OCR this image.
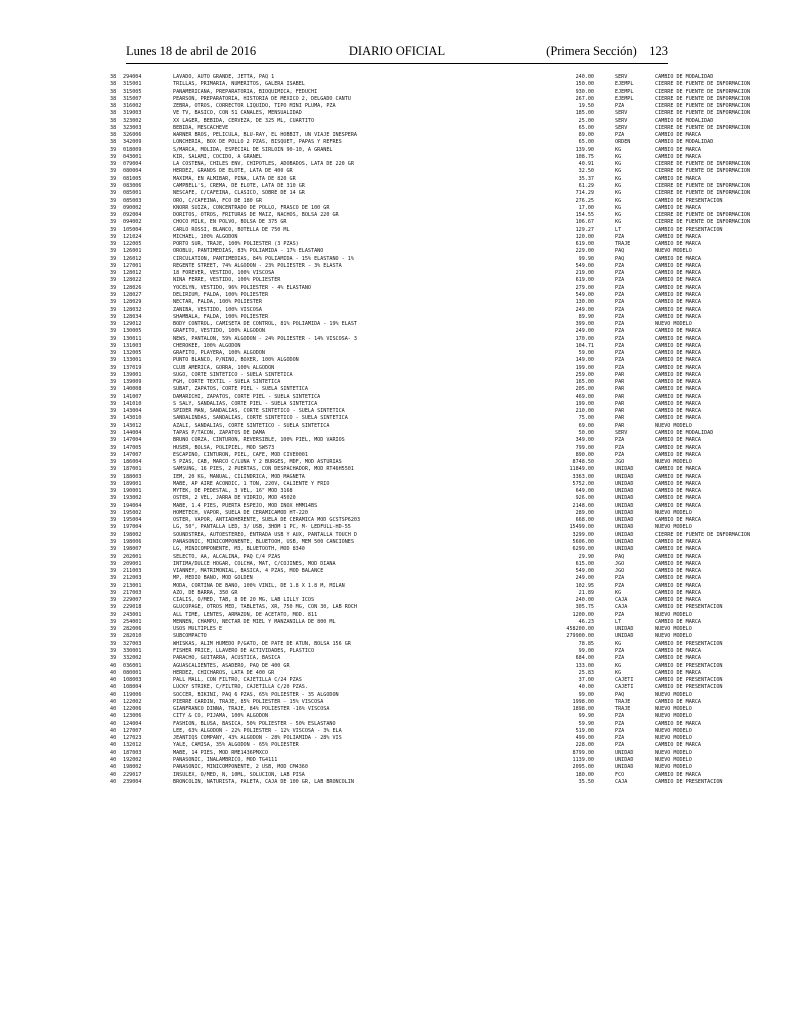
Lunes 18 de abril de 2016	DIARIO OFICIAL	(Primera Sección) 123
38	294004	LAVADO, AUTO GRANDE, JETTA, PAQ 1	240.00	SERV	CAMBIO DE MODALIDAD
38	315001	TRILLAS, PRIMARIA, NUMERITOS, GALERA ISABEL	150.00	EJEMPL	CIERRE DE FUENTE DE INFORMACION
38	315005	PANAMERICANA, PREPARATORIA, BIOQUIMICA, FEDUCHI	930.00	EJEMPL	CIERRE DE FUENTE DE INFORMACION
38	315007	PEARSON, PREPARATORIA, HISTORIA DE MEXICO 2, DELGADO CANTU	267.00	EJEMPL	CIERRE DE FUENTE DE INFORMACION
38	316002	ZEBRA, OTROS, CORRECTOR LIQUIDO, TIPO MINI PLUMA, PZA	19.50	PZA	CIERRE DE FUENTE DE INFORMACION
38	319003	VE TV, BASICO, CON 51 CANALES, MENSUALIDAD	185.00	SERV	CIERRE DE FUENTE DE INFORMACION
38	323002	XX LAGER, BEBIDA, CERVEZA, DE 325 ML, CUARTITO	25.00	SERV	CAMBIO DE MODALIDAD
38	323003	BEBIDA, MESCACHEVE	65.00	SERV	CIERRE DE FUENTE DE INFORMACION
38	326006	WARNER BROS, PELICULA, BLU-RAY, EL HOBBIT, UN VIAJE INESPERA	89.00	PZA	CAMBIO DE MARCA
38	342009	LONCHERIA, BOX DE POLLO 2 PZAS, BISQUET, PAPAS Y REFRES	65.00	ORDEN	CAMBIO DE MODALIDAD
39	018009	S/MARCA, MOLIDA, ESPECIAL DE SIRLOIN 90-10, A GRANEL	139.90	KG	CAMBIO DE MARCA
39	043001	KIR, SALAMI, COCIDO, A GRANEL	108.75	KG	CAMBIO DE MARCA
39	079004	LA COSTEÑA, CHILES ENV, CHIPOTLES, ADOBADOS, LATA DE 220 GR	40.91	KG	CIERRE DE FUENTE DE INFORMACION
39	080004	HERDEZ, GRANOS DE ELOTE, LATA DE 400 GR	32.50	KG	CIERRE DE FUENTE DE INFORMACION
39	081005	MAXIMA, EN ALMIBAR, PIÑA, LATA DE 820 GR	35.37	KG	CAMBIO DE MARCA
39	083006	CAMPBELL'S, CREMA, DE ELOTE, LATA DE 310 GR	61.29	KG	CIERRE DE FUENTE DE INFORMACION
39	085001	NESCAFE, C/CAFEINA, CLASICO, SOBRE DE 14 GR	714.29	KG	CIERRE DE FUENTE DE INFORMACION
39	085003	ORO, C/CAFEINA, FCO DE 180 GR	276.25	KG	CAMBIO DE PRESENTACION
39	090002	KNORR SUIZA, CONCENTRADO DE POLLO, FRASCO DE 100 GR	17.00	KG	CAMBIO DE MARCA
39	092004	DORITOS, OTROS, FRITURAS DE MAIZ, NACHOS, BOLSA 220 GR	154.55	KG	CIERRE DE FUENTE DE INFORMACION
39	094002	CHOCO MILK, EN POLVO, BOLSA DE 375 GR	106.67	KG	CIERRE DE FUENTE DE INFORMACION
39	105004	CARLO ROSSI, BLANCO, BOTELLA DE 750 ML	129.27	LT	CAMBIO DE PRESENTACION
39	121024	MICHAEL, 100% ALGODON	120.00	PZA	CAMBIO DE MARCA
39	122005	PORTO SUR, TRAJE, 100% POLIESTER (3 PZAS)	619.00	TRAJE	CAMBIO DE MARCA
39	126001	OROBLU, PANTIMEDIAS, 83% POLIAMIDA - 17% ELASTANO	229.00	PAQ	NUEVO MODELO
39	126012	CIRCULATION, PANTIMEDIAS, 84% POLIAMIDA - 15% ELASTANO - 1%	99.90	PAQ	CAMBIO DE MARCA
39	127001	REGENTE STREET, 74% ALGODON - 23% POLIESTER - 3% ELASTA	549.00	PZA	CAMBIO DE MARCA
39	128012	18 FOREVER, VESTIDO, 100% VISCOSA	219.00	PZA	CAMBIO DE MARCA
39	128022	NINA FERRE, VESTIDO, 100% POLIESTER	619.00	PZA	CAMBIO DE MARCA
39	128026	YOCELYN, VESTIDO, 96% POLIESTER - 4% ELASTANO	279.00	PZA	CAMBIO DE MARCA
39	128027	DELIRIUM, FALDA, 100% POLIESTER	549.00	PZA	CAMBIO DE MARCA
39	128029	NECTAR, FALDA, 100% POLIESTER	130.00	PZA	CAMBIO DE MARCA
39	128032	ZANIBA, VESTIDO, 100% VISCOSA	249.00	PZA	CAMBIO DE MARCA
39	128034	SHAMBALA, FALDA, 100% POLIESTER	89.90	PZA	CAMBIO DE MARCA
39	129012	BODY CONTROL, CAMISETA DE CONTROL, 81% POLIAMIDA - 19% ELAST	399.00	PZA	NUEVO MODELO
39	130005	GRAFITO, VESTIDO, 100% ALGODON	249.00	PZA	CAMBIO DE MARCA
39	130011	NEWS, PANTALON, 59% ALGODON - 24% POLIESTER - 14% VISCOSA- 3	170.00	PZA	CAMBIO DE MARCA
39	131003	CHEROKEE, 100% ALGODON	104.71	PZA	CAMBIO DE MARCA
39	132005	GRAFITO, PLAYERA, 100% ALGODON	59.00	PZA	CAMBIO DE MARCA
39	133001	PUNTO BLANCO, P/NIÑO, BOXER, 100% ALGODON	149.00	PZA	CAMBIO DE MARCA
39	137019	CLUB AMERICA, GORRA, 100% ALGODON	199.00	PZA	CAMBIO DE MARCA
39	139001	SUGO, CORTE SINTETICO - SUELA SINTETICA	259.00	PAR	CAMBIO DE MARCA
39	139009	FGH, CORTE TEXTIL - SUELA SINTETICA	165.00	PAR	CAMBIO DE MARCA
39	140008	SUBAT, ZAPATOS, CORTE PIEL - SUELA SINTETICA	205.00	PAR	CAMBIO DE MARCA
39	141007	DAMARICHI, ZAPATOS, CORTE PIEL - SUELA SINTETICA	469.00	PAR	CAMBIO DE MARCA
39	141010	S SALY, SANDALIAS, CORTE PIEL - SUELA SINTETICA	199.00	PAR	CAMBIO DE MARCA
39	143004	SPIDER MAN, SANDALIAS, CORTE SINTETICO - SUELA SINTETICA	210.00	PAR	CAMBIO DE MARCA
39	143010	SANDALINDAS, SANDALIAS, CORTE SINTETICO - SUELA SINTETICA	75.00	PAR	CAMBIO DE MARCA
39	143012	AZALI, SANDALIAS, CORTE SINTETICO - SUELA SINTETICA	69.00	PAR	NUEVO MODELO
39	144004	TAPAS P/TACON, ZAPATOS DE DAMA	50.00	SERV	CAMBIO DE MODALIDAD
39	147004	BRUNO CORZA, CINTURON, REVERSIBLE, 100% PIEL, MOD VARIOS	349.00	PZA	CAMBIO DE MARCA
39	147005	HUSER, BOLSA, POLIPIEL, MOD SW573	799.00	PZA	CAMBIO DE MARCA
39	147007	ESCAPINO, CINTURON, PIEL, CAFE, MOD CIVE0001	890.00	PZA	CAMBIO DE MARCA
39	186004	5 PZAS, CAB, MARCO C/LUNA Y 2 BURGES, MDF, MOD ASTURIAS	8748.50	JGO	NUEVO MODELO
39	187001	SAMSUNG, 16 PIES, 2 PUERTAS, CON DESPACHADOR, MOD RT46H5501	11849.00	UNIDAD	CAMBIO DE MARCA
39	188003	IEM, 20 KG, MANUAL, CILINDRICA, MOD MAGNETA	3363.00	UNIDAD	CAMBIO DE MARCA
39	189001	MABE, AP AIRE ACONDIC, 1 TON, 220V, CALIENTE Y FRIO	5752.00	UNIDAD	CAMBIO DE MARCA
39	190001	MYTEK, DE PEDESTAL, 3 VEL, 16" MOD 3168	649.00	UNIDAD	CAMBIO DE MARCA
39	193002	OSTER, 2 VEL, JARRA DE VIDRIO, MOD 45020	926.00	UNIDAD	CAMBIO DE MARCA
39	194004	MABE, 1.4 PIES, PUERTA ESPEJO, MOD INOX HMM14BS	2148.00	UNIDAD	CAMBIO DE MARCA
39	195002	HOMETECH, VAPOR, SUELA DE CERAMICAMOD HT-220	289.00	UNIDAD	NUEVO MODELO
39	195004	OSTER, VAPOR, ANTIADHERENTE, SUELA DE CERAMICA MOD GCSTSP6203	668.00	UNIDAD	CAMBIO DE MARCA
39	197004	LG, 50", PANTALLA LED, 3/ USB, 3HDM 1 PC, M- LEDFULL-HD-55	15499.00	UNIDAD	NUEVO MODELO
39	198002	SOUNDSTREA, AUTOESTEREO, ENTRADA USB Y AUX, PANTALLA TOUCH D	3299.00	UNIDAD	CIERRE DE FUENTE DE INFORMACION
39	198006	PANASONIC, MINICOMPONENTE, BLUETOOH, USB, MEM 500 CANCIONES	5606.00	UNIDAD	CAMBIO DE MARCA
39	198007	LG, MINICOMPONENTE, M3, BLUETOOTH, MOD 8340	6299.00	UNIDAD	CAMBIO DE MARCA
39	202001	SELECTO, AA, ALCALINA, PAQ C/4 PZAS	29.90	PAQ	CAMBIO DE MARCA
39	209001	INTIMA/DULCE HOGAR, COLCHA, MAT, C/COJINES, MOD DIANA	615.00	JGO	CAMBIO DE MARCA
39	211003	VIANNEY, MATRIMONIAL, BASICA, 4 PZAS, MOD BALANCE	549.00	JGO	CAMBIO DE MARCA
39	212003	MP, MEDIO BAÑO, MOD GOLDEN	249.00	PZA	CAMBIO DE MARCA
39	213001	MODA, CORTINA DE BAÑO, 100% VINIL, DE 1.8 X 1.8 M, MILAN	102.95	PZA	CAMBIO DE MARCA
39	217003	AZO, DE BARRA, 350 GR	21.89	KG	CAMBIO DE MARCA
39	229007	CIALIS, O/MED, TAB, 8 DE 20 MG, LAB LILLY ICOS	240.00	CAJA	CAMBIO DE MARCA
39	229018	GLUCOPAGE, OTROS MED, TABLETAS, XR, 750 MG, CON 30, LAB ROCH	305.75	CAJA	CAMBIO DE PRESENTACION
39	243001	ALL TIME, LENTES, ARMAZON, DE ACETATO, MOD. 811	1200.00	PZA	NUEVO MODELO
39	254001	MENNEN, CHAMPU, NECTAR DE MIEL Y MANZANILLA DE 800 ML	46.23	LT	CAMBIO DE MARCA
39	282006	USOS MULTIPLES E	458200.00	UNIDAD	NUEVO MODELO
39	282010	SUBCOMPACTO	279900.00	UNIDAD	NUEVO MODELO
39	327003	WHISKAS, ALIM HUMEDO P/GATO, DE PATE DE ATUN, BOLSA 156 GR	78.85	KG	CAMBIO DE PRESENTACION
39	330001	FISHER PRICE, LLAVERO DE ACTIVIDADES, PLASTICO	99.00	PZA	CAMBIO DE MARCA
39	332002	PARACHO, GUITARRA, ACUSTICA, BASICA	684.00	PZA	CAMBIO DE MARCA
40	036001	AGUASCALIENTES, ASADERO, PAQ DE 400 GR	133.00	KG	CAMBIO DE PRESENTACION
40	080001	HERDEZ, CHICHAROS, LATA DE 400 GR	25.83	KG	CAMBIO DE MARCA
40	108003	PALL MALL, CON FILTRO, CAJETILLA C/24 PZAS	37.00	CAJETI	CAMBIO DE PRESENTACION
40	108004	LUCKY STRIKE, C/FILTRO, CAJETILLA C/20 PZAS.	40.00	CAJETI	CAMBIO DE PRESENTACION
40	119006	SOCCER, BIKINI, PAQ 6 PZAS, 65% POLIESTER - 35 ALGODON	99.00	PAQ	NUEVO MODELO
40	122002	PIERRE CARDIN, TRAJE, 85% POLIESTER - 15% VISCOSA	1998.00	TRAJE	CAMBIO DE MARCA
40	122006	GIANFRANCO DINNA, TRAJE, 84% POLIESTER -16% VISCOSA	1898.00	TRAJE	NUEVO MODELO
40	123006	CITY & CO, PIJAMA, 100% ALGODON	99.90	PZA	NUEVO MODELO
40	124004	FASHION, BLUSA, BASICA, 50% POLIESTER - 50% ESLASTANO	59.90	PZA	CAMBIO DE MARCA
40	127007	LEE, 63% ALGODON - 22% POLIESTER - 12% VISCOSA - 3% ELA	519.00	PZA	NUEVO MODELO
40	127023	JEANTIQS COMPANY, 43% ALGODON - 28% POLIAMIDA - 28% VIS	499.00	PZA	NUEVO MODELO
40	132012	YALE, CAMISA, 35% ALGODON - 65% POLIESTER	228.00	PZA	CAMBIO DE MARCA
40	187003	MABE, 14 PIES, MOD RME1436PMXCO	8799.00	UNIDAD	NUEVO MODELO
40	192002	PANASONIC, INALAMBRICO, MOD TG4111	1139.00	UNIDAD	NUEVO MODELO
40	198002	PANASONIC, MINICOMPONENTE, 2 USB, MOD CM4360	2095.00	UNIDAD	NUEVO MODELO
40	229017	INSULEX, O/MED, N, 10ML, SOLUCION, LAB PISA	180.00	FCO	CAMBIO DE MARCA
40	239004	BRONCOLIN, NATURISTA, PALETA, CAJA DE 100 GR, LAB BRONCOLIN	35.50	CAJA	CAMBIO DE PRESENTACION
